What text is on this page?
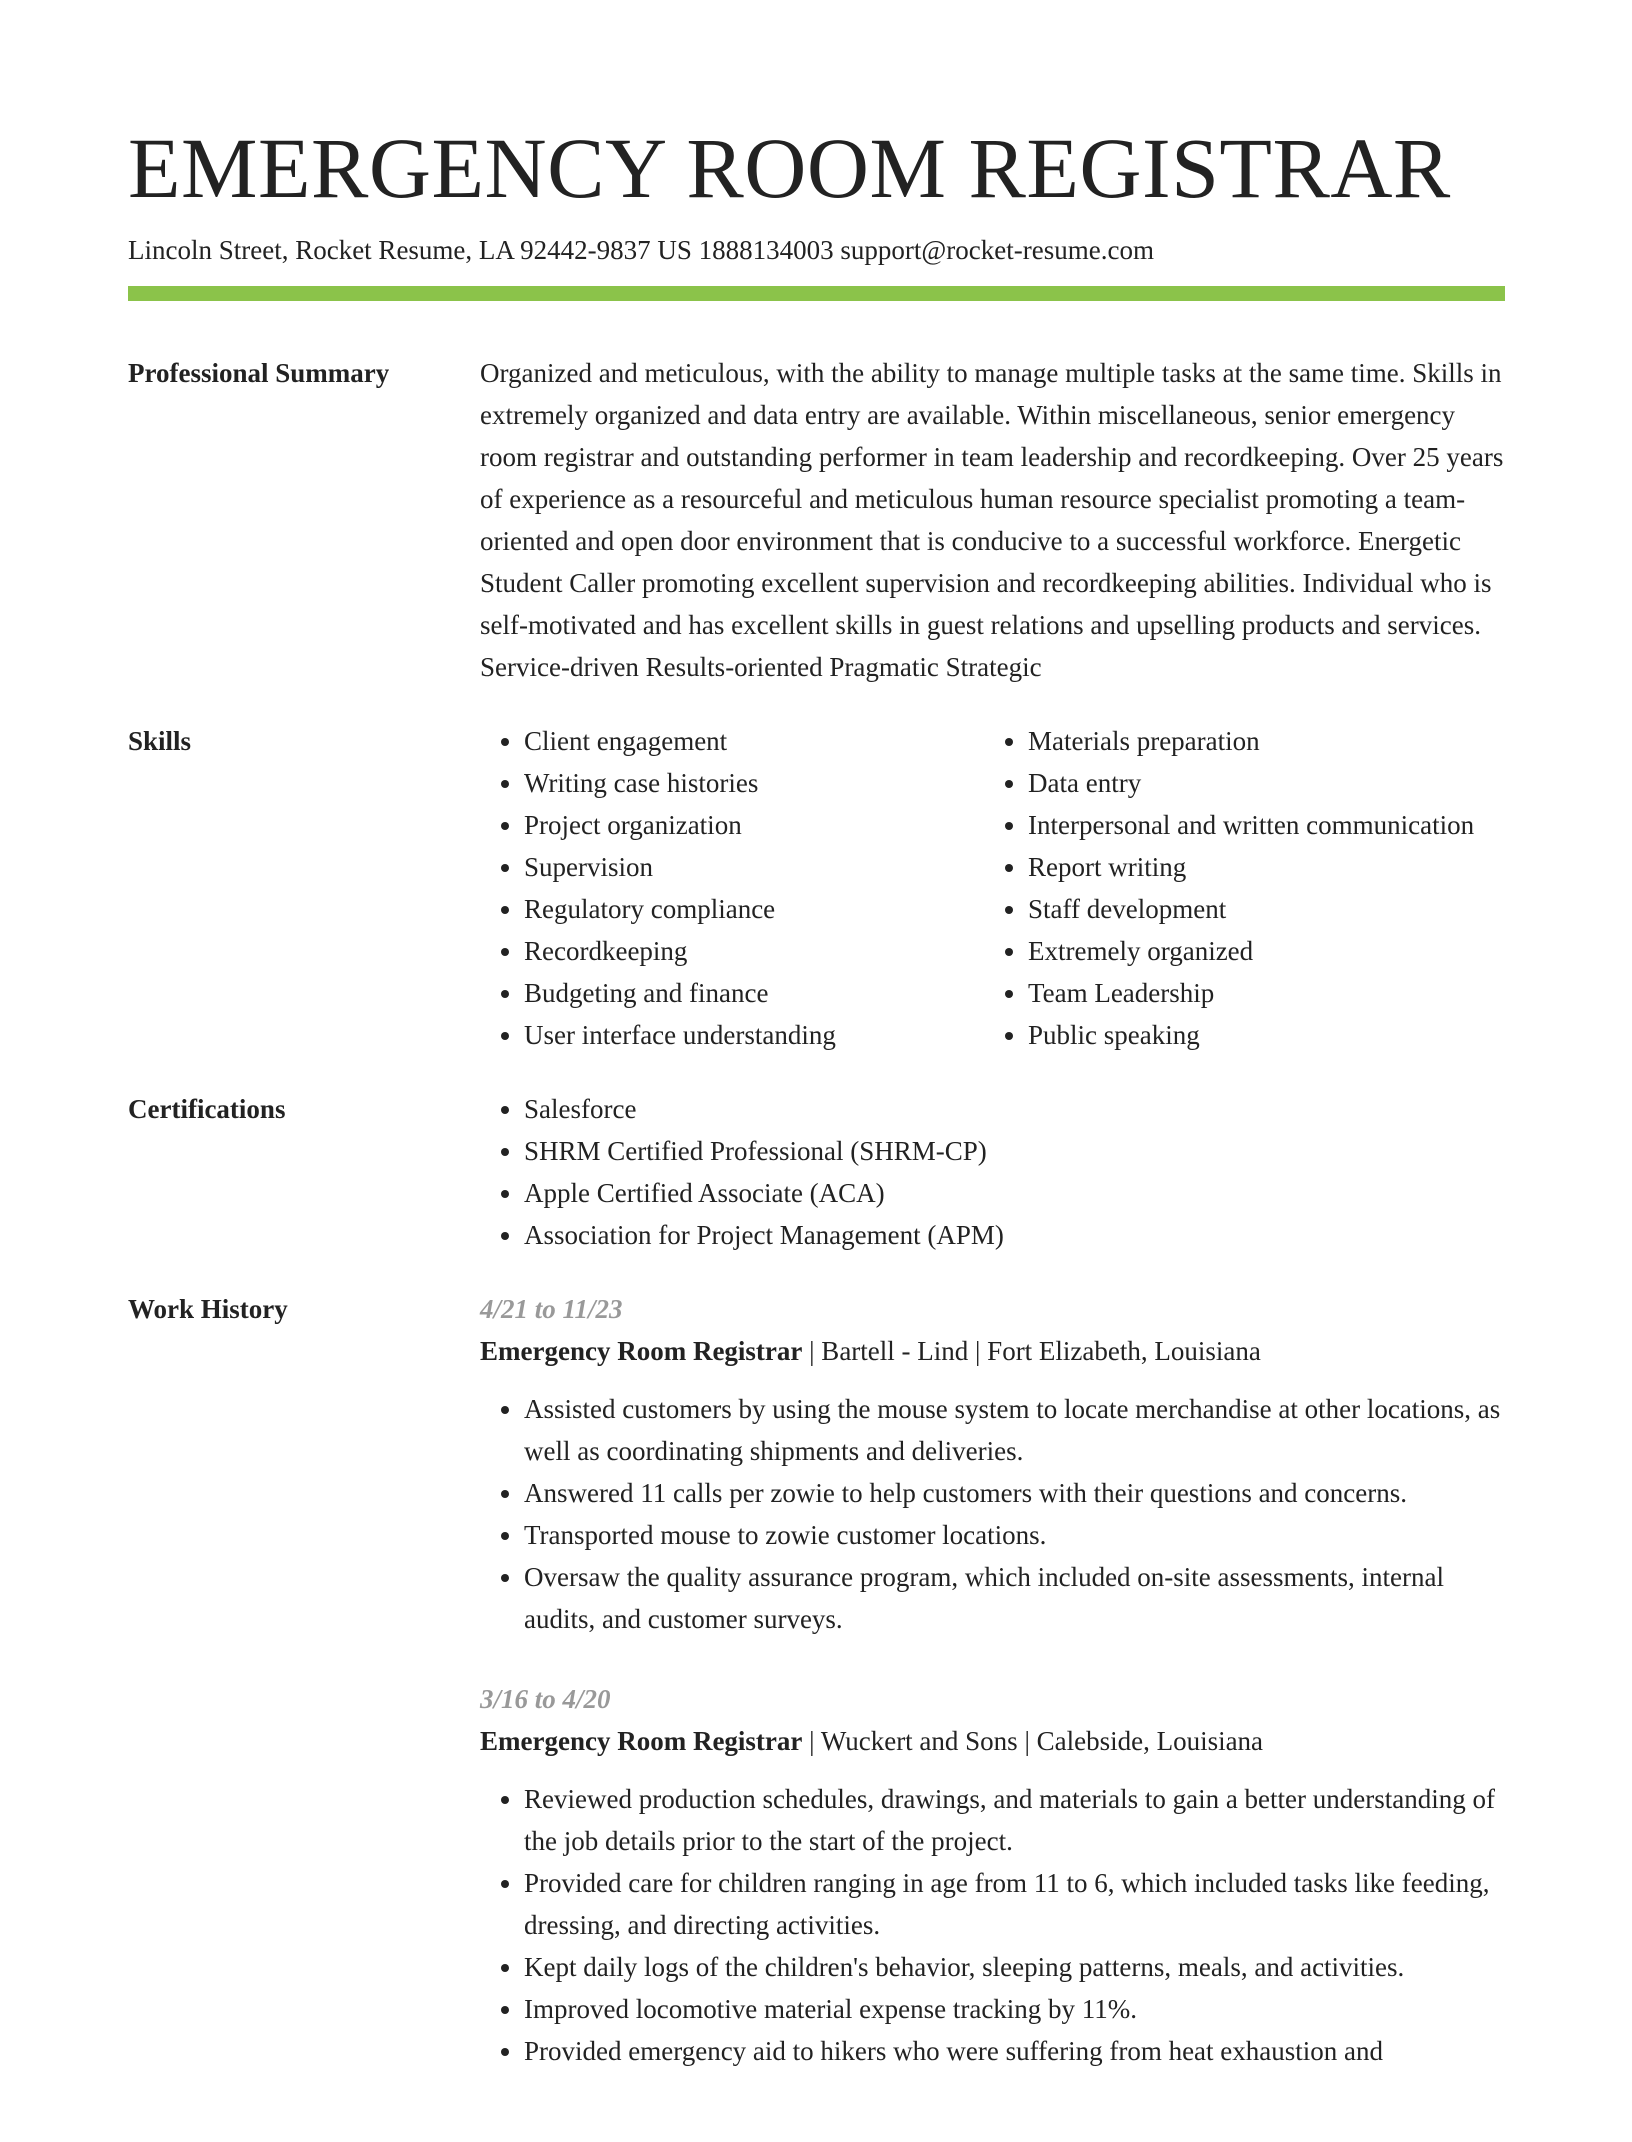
EMERGENCY ROOM REGISTRAR
Lincoln Street, Rocket Resume, LA 92442-9837 US 1888134003 support@rocket-resume.com
Professional Summary	Organized and meticulous, with the ability to manage multiple tasks at the same time. Skills in extremely organized and data entry are available. Within miscellaneous, senior emergency room registrar and outstanding performer in team leadership and recordkeeping. Over 25 years of experience as a resourceful and meticulous human resource specialist promoting a team-oriented and open door environment that is conducive to a successful workforce. Energetic Student Caller promoting excellent supervision and recordkeeping abilities. Individual who is self-motivated and has excellent skills in guest relations and upselling products and services. Service-driven Results-oriented Pragmatic Strategic

Skills	• Client engagement
• Writing case histories
• Project organization
• Supervision
• Regulatory compliance
• Recordkeeping
• Budgeting and finance
• User interface understanding
• Materials preparation
• Data entry
• Interpersonal and written communication
• Report writing
• Staff development
• Extremely organized
• Team Leadership
• Public speaking
Certifications	• Salesforce
• SHRM Certified Professional (SHRM-CP)
• Apple Certified Associate (ACA)
• Association for Project Management (APM)
Work History	4/21 to 11/23
Emergency Room Registrar | Bartell - Lind | Fort Elizabeth, Louisiana
• Assisted customers by using the mouse system to locate merchandise at other locations, as well as coordinating shipments and deliveries.
• Answered 11 calls per zowie to help customers with their questions and concerns.
• Transported mouse to zowie customer locations.
• Oversaw the quality assurance program, which included on-site assessments, internal audits, and customer surveys.
3/16 to 4/20
Emergency Room Registrar | Wuckert and Sons | Calebside, Louisiana
• Reviewed production schedules, drawings, and materials to gain a better understanding of the job details prior to the start of the project.
• Provided care for children ranging in age from 11 to 6, which included tasks like feeding, dressing, and directing activities.
• Kept daily logs of the children's behavior, sleeping patterns, meals, and activities.
• Improved locomotive material expense tracking by 11%.
• Provided emergency aid to hikers who were suffering from heat exhaustion and
